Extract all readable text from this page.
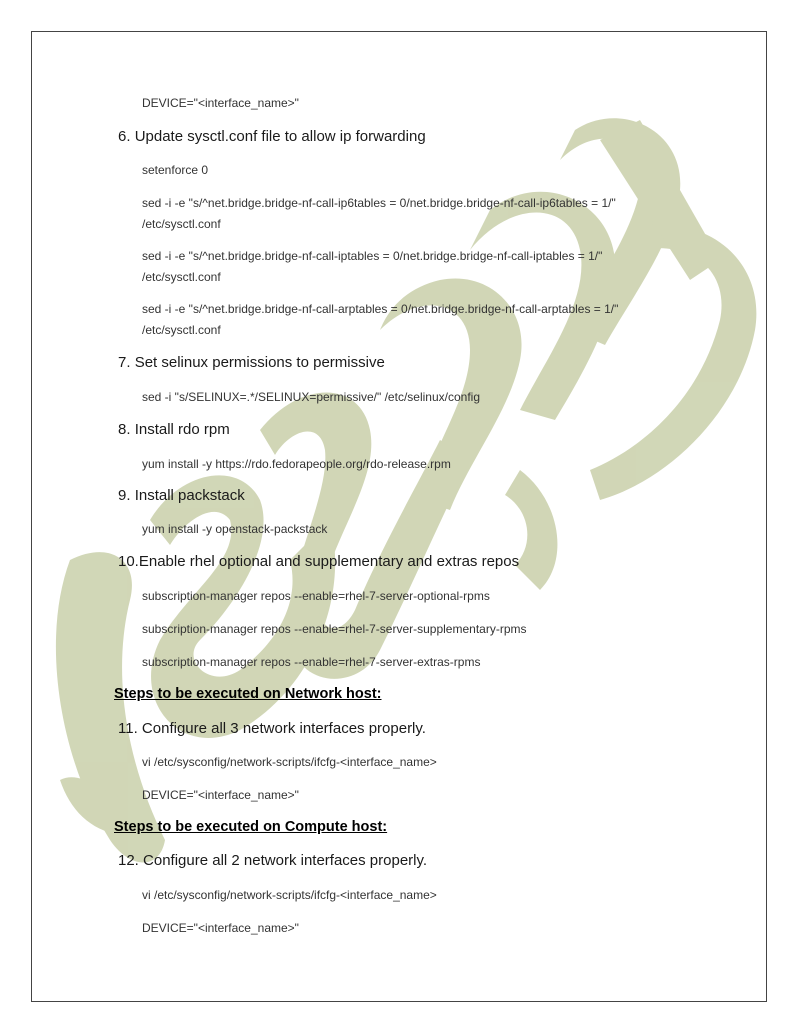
DEVICE="<interface_name>"
6. Update sysctl.conf file to allow ip forwarding
setenforce 0
sed -i -e "s/^net.bridge.bridge-nf-call-ip6tables = 0/net.bridge.bridge-nf-call-ip6tables = 1/"
/etc/sysctl.conf
sed -i -e "s/^net.bridge.bridge-nf-call-iptables = 0/net.bridge.bridge-nf-call-iptables = 1/"
/etc/sysctl.conf
sed -i -e "s/^net.bridge.bridge-nf-call-arptables = 0/net.bridge.bridge-nf-call-arptables = 1/"
/etc/sysctl.conf
7. Set selinux permissions to permissive
sed -i "s/SELINUX=.*/SELINUX=permissive/" /etc/selinux/config
8. Install rdo rpm
yum install -y https://rdo.fedorapeople.org/rdo-release.rpm
9. Install packstack
yum install -y openstack-packstack
10.Enable rhel optional and supplementary and extras repos
subscription-manager repos --enable=rhel-7-server-optional-rpms
subscription-manager repos --enable=rhel-7-server-supplementary-rpms
subscription-manager repos --enable=rhel-7-server-extras-rpms
Steps to be executed on Network host:
11. Configure all 3 network interfaces properly.
vi /etc/sysconfig/network-scripts/ifcfg-<interface_name>
DEVICE="<interface_name>"
Steps to be executed on Compute host:
12. Configure all 2 network interfaces properly.
vi /etc/sysconfig/network-scripts/ifcfg-<interface_name>
DEVICE="<interface_name>"
